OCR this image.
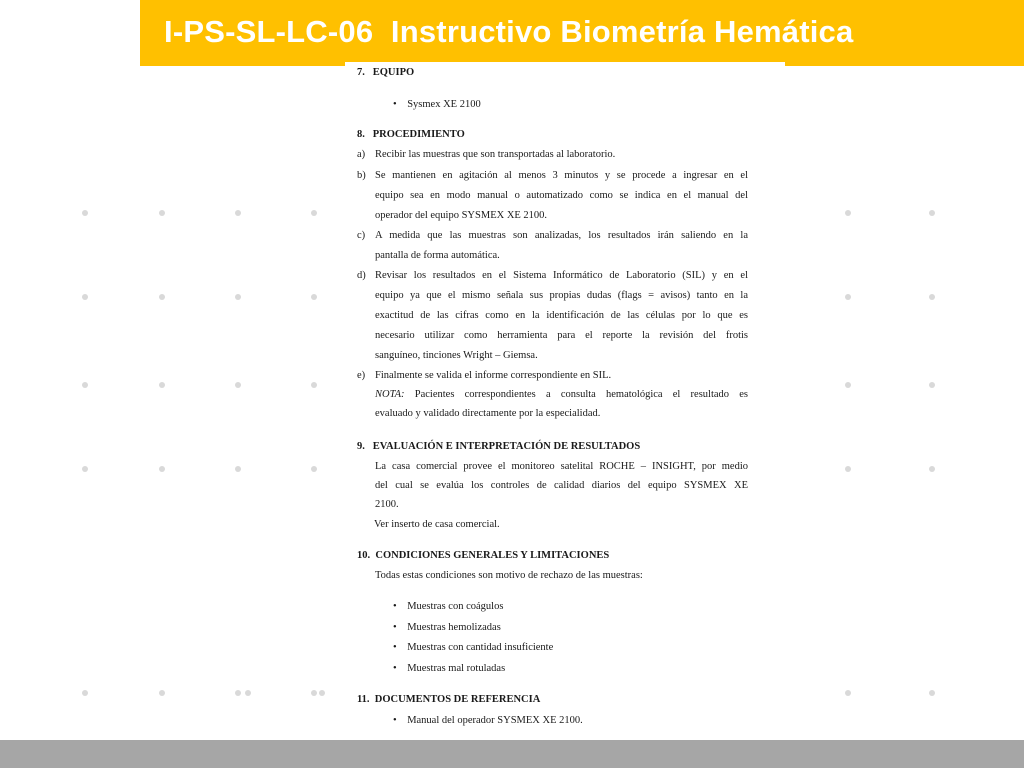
I-PS-SL-LC-06  Instructivo Biometría Hemática
7. EQUIPO
• Sysmex XE 2100
8. PROCEDIMIENTO
a) Recibir las muestras que son transportadas al laboratorio.
b) Se mantienen en agitación al menos 3 minutos y se procede a ingresar en el
equipo sea en modo manual o automatizado como se indica en el manual del
operador del equipo SYSMEX XE 2100.
c) A medida que las muestras son analizadas, los resultados irán saliendo en la
pantalla de forma automática.
d) Revisar los resultados en el Sistema Informático de Laboratorio (SIL) y en el
equipo ya que el mismo señala sus propias dudas (flags = avisos) tanto en la
exactitud de las cifras como en la identificación de las células por lo que es
necesario utilizar como herramienta para el reporte la revisión del frotis
sanguíneo, tinciones Wright – Giemsa.
e) Finalmente se valida el informe correspondiente en SIL.
NOTA: Pacientes correspondientes a consulta hematológica el resultado es
evaluado y validado directamente por la especialidad.
9. EVALUACIÓN E INTERPRETACIÓN DE RESULTADOS
La casa comercial provee el monitoreo satelital ROCHE – INSIGHT, por medio
del cual se evalúa los controles de calidad diarios del equipo SYSMEX XE
2100.
Ver inserto de casa comercial.
10. CONDICIONES GENERALES Y LIMITACIONES
Todas estas condiciones son motivo de rechazo de las muestras:
• Muestras con coágulos
• Muestras hemolizadas
• Muestras con cantidad insuficiente
• Muestras mal rotuladas
11. DOCUMENTOS DE REFERENCIA
• Manual del operador SYSMEX XE 2100.
